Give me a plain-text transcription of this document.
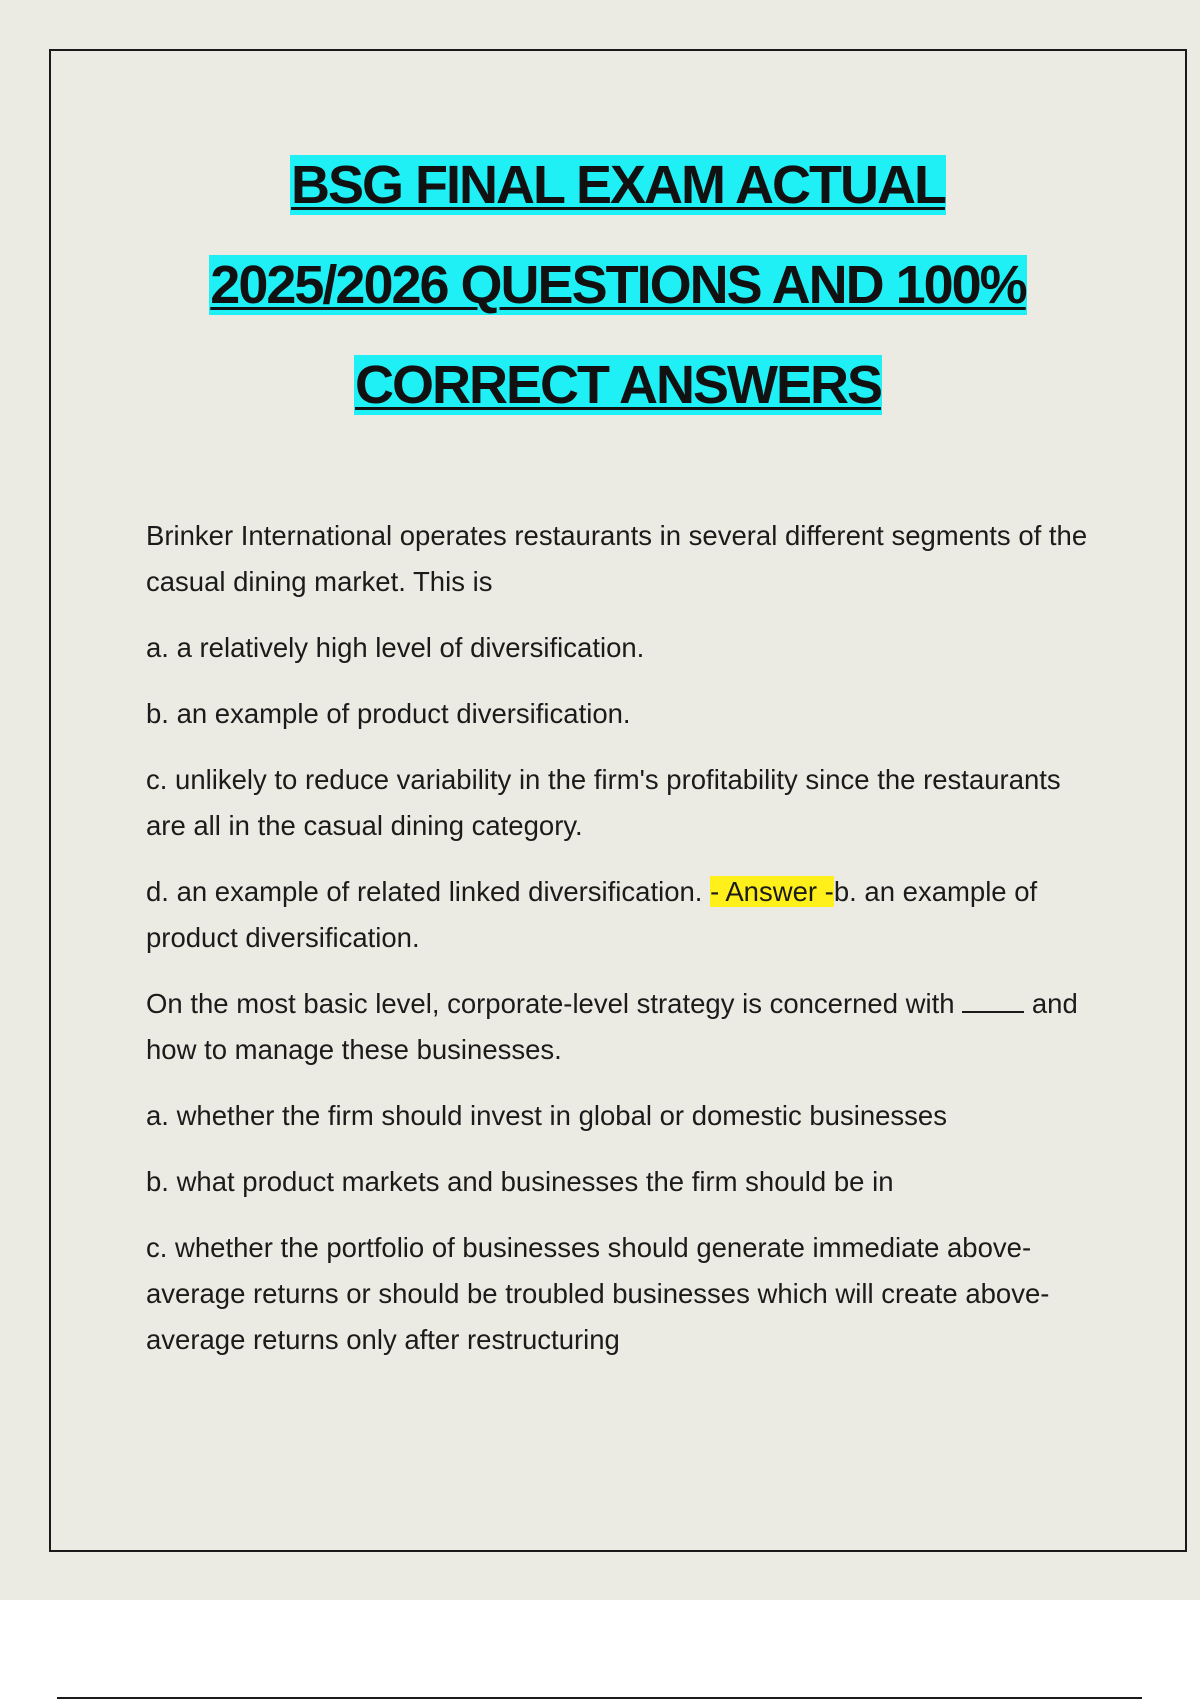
BSG FINAL EXAM ACTUAL
2025/2026 QUESTIONS AND 100%
CORRECT ANSWERS

Brinker International operates restaurants in several different segments of the casual dining market. This is

a. a relatively high level of diversification.

b. an example of product diversification.

c. unlikely to reduce variability in the firm's profitability since the restaurants are all in the casual dining category.

d. an example of related linked diversification. - Answer -b. an example of product diversification.

On the most basic level, corporate-level strategy is concerned with  and how to manage these businesses.

a. whether the firm should invest in global or domestic businesses

b. what product markets and businesses the firm should be in

c. whether the portfolio of businesses should generate immediate above-average returns or should be troubled businesses which will create above-average returns only after restructuring
